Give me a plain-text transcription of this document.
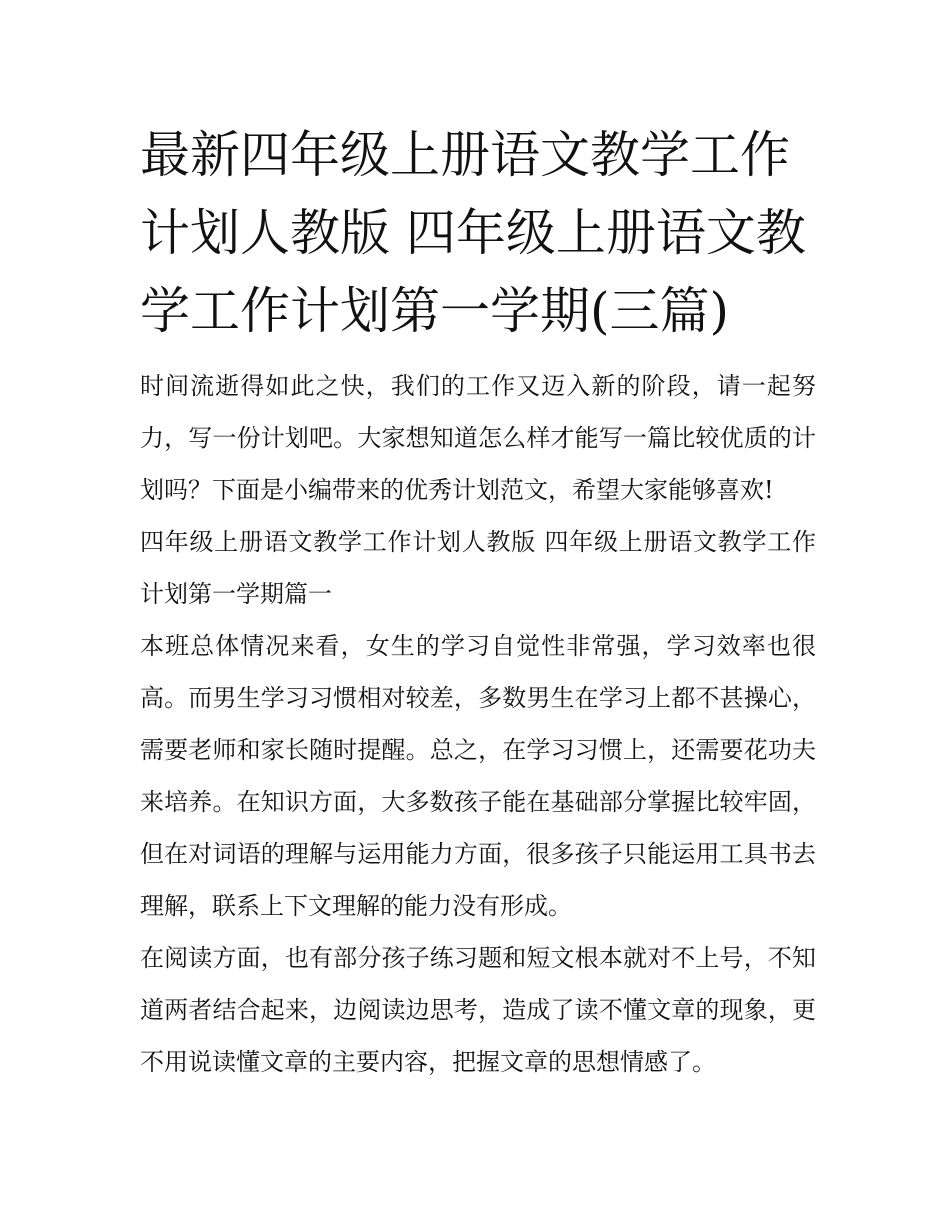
最新四年级上册语文教学工作计划人教版 四年级上册语文教学工作计划第一学期(三篇)

时间流逝得如此之快，我们的工作又迈入新的阶段，请一起努力，写一份计划吧。大家想知道怎么样才能写一篇比较优质的计划吗？下面是小编带来的优秀计划范文，希望大家能够喜欢!

四年级上册语文教学工作计划人教版 四年级上册语文教学工作计划第一学期篇一

本班总体情况来看，女生的学习自觉性非常强，学习效率也很高。而男生学习习惯相对较差，多数男生在学习上都不甚操心，需要老师和家长随时提醒。总之，在学习习惯上，还需要花功夫来培养。在知识方面，大多数孩子能在基础部分掌握比较牢固，但在对词语的理解与运用能力方面，很多孩子只能运用工具书去理解，联系上下文理解的能力没有形成。

在阅读方面，也有部分孩子练习题和短文根本就对不上号，不知道两者结合起来，边阅读边思考，造成了读不懂文章的现象，更不用说读懂文章的主要内容，把握文章的思想情感了。
